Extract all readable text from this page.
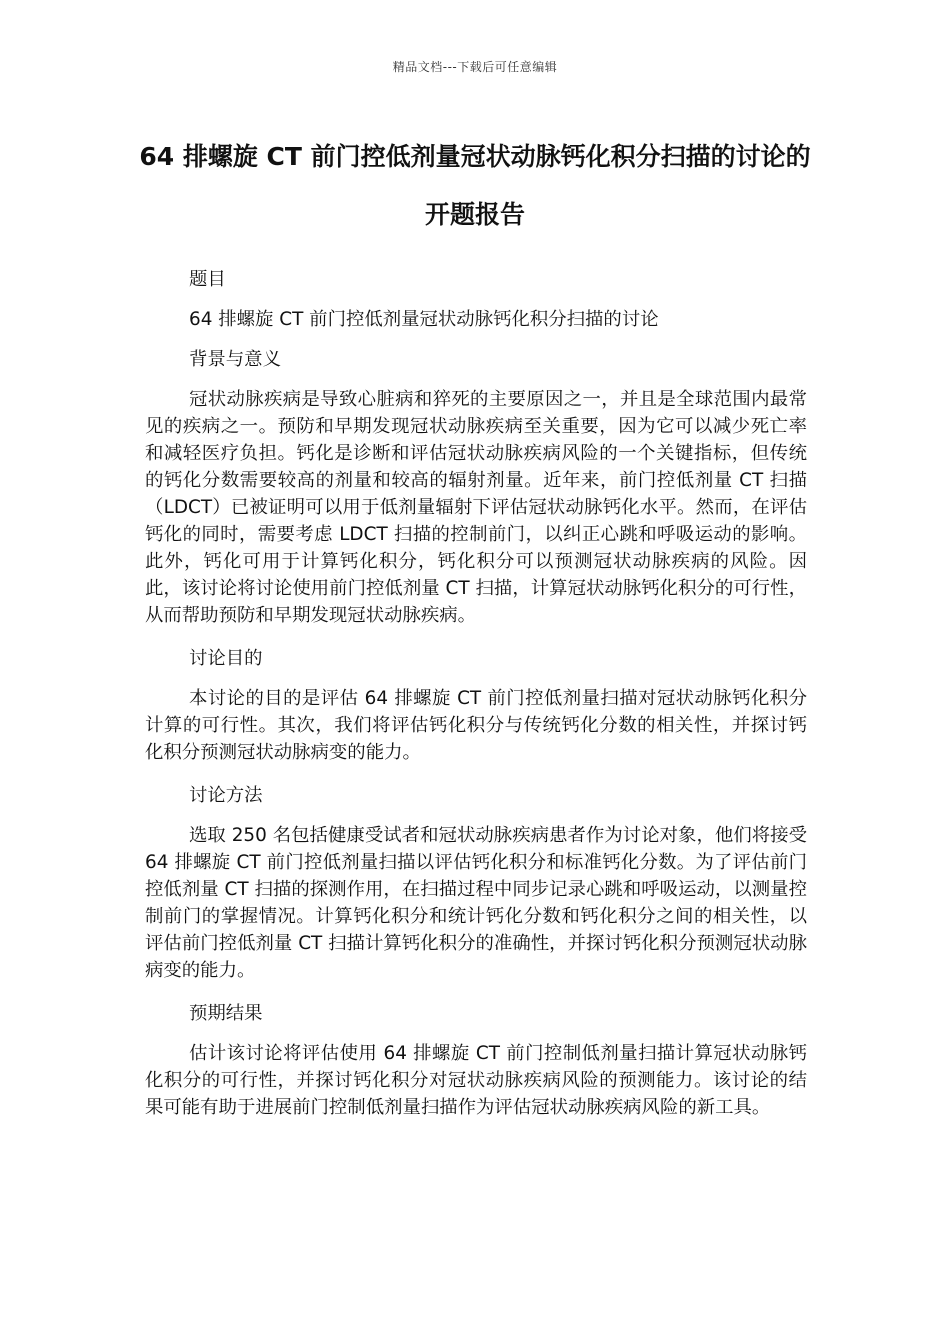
精品文档---下载后可任意编辑
64 排螺旋 CT 前门控低剂量冠状动脉钙化积分扫描的讨论的开题报告

题目

64 排螺旋 CT 前门控低剂量冠状动脉钙化积分扫描的讨论

背景与意义

冠状动脉疾病是导致心脏病和猝死的主要原因之一，并且是全球范围内最常见的疾病之一。预防和早期发现冠状动脉疾病至关重要，因为它可以减少死亡率和减轻医疗负担。钙化是诊断和评估冠状动脉疾病风险的一个关键指标，但传统的钙化分数需要较高的剂量和较高的辐射剂量。近年来，前门控低剂量 CT 扫描（LDCT）已被证明可以用于低剂量辐射下评估冠状动脉钙化水平。然而，在评估钙化的同时，需要考虑 LDCT 扫描的控制前门，以纠正心跳和呼吸运动的影响。此外，钙化可用于计算钙化积分，钙化积分可以预测冠状动脉疾病的风险。因此，该讨论将讨论使用前门控低剂量 CT 扫描，计算冠状动脉钙化积分的可行性，从而帮助预防和早期发现冠状动脉疾病。

讨论目的

本讨论的目的是评估 64 排螺旋 CT 前门控低剂量扫描对冠状动脉钙化积分计算的可行性。其次，我们将评估钙化积分与传统钙化分数的相关性，并探讨钙化积分预测冠状动脉病变的能力。

讨论方法

选取 250 名包括健康受试者和冠状动脉疾病患者作为讨论对象，他们将接受 64 排螺旋 CT 前门控低剂量扫描以评估钙化积分和标准钙化分数。为了评估前门控低剂量 CT 扫描的探测作用，在扫描过程中同步记录心跳和呼吸运动，以测量控制前门的掌握情况。计算钙化积分和统计钙化分数和钙化积分之间的相关性，以评估前门控低剂量 CT 扫描计算钙化积分的准确性，并探讨钙化积分预测冠状动脉病变的能力。

预期结果

估计该讨论将评估使用 64 排螺旋 CT 前门控制低剂量扫描计算冠状动脉钙化积分的可行性，并探讨钙化积分对冠状动脉疾病风险的预测能力。该讨论的结果可能有助于进展前门控制低剂量扫描作为评估冠状动脉疾病风险的新工具。
